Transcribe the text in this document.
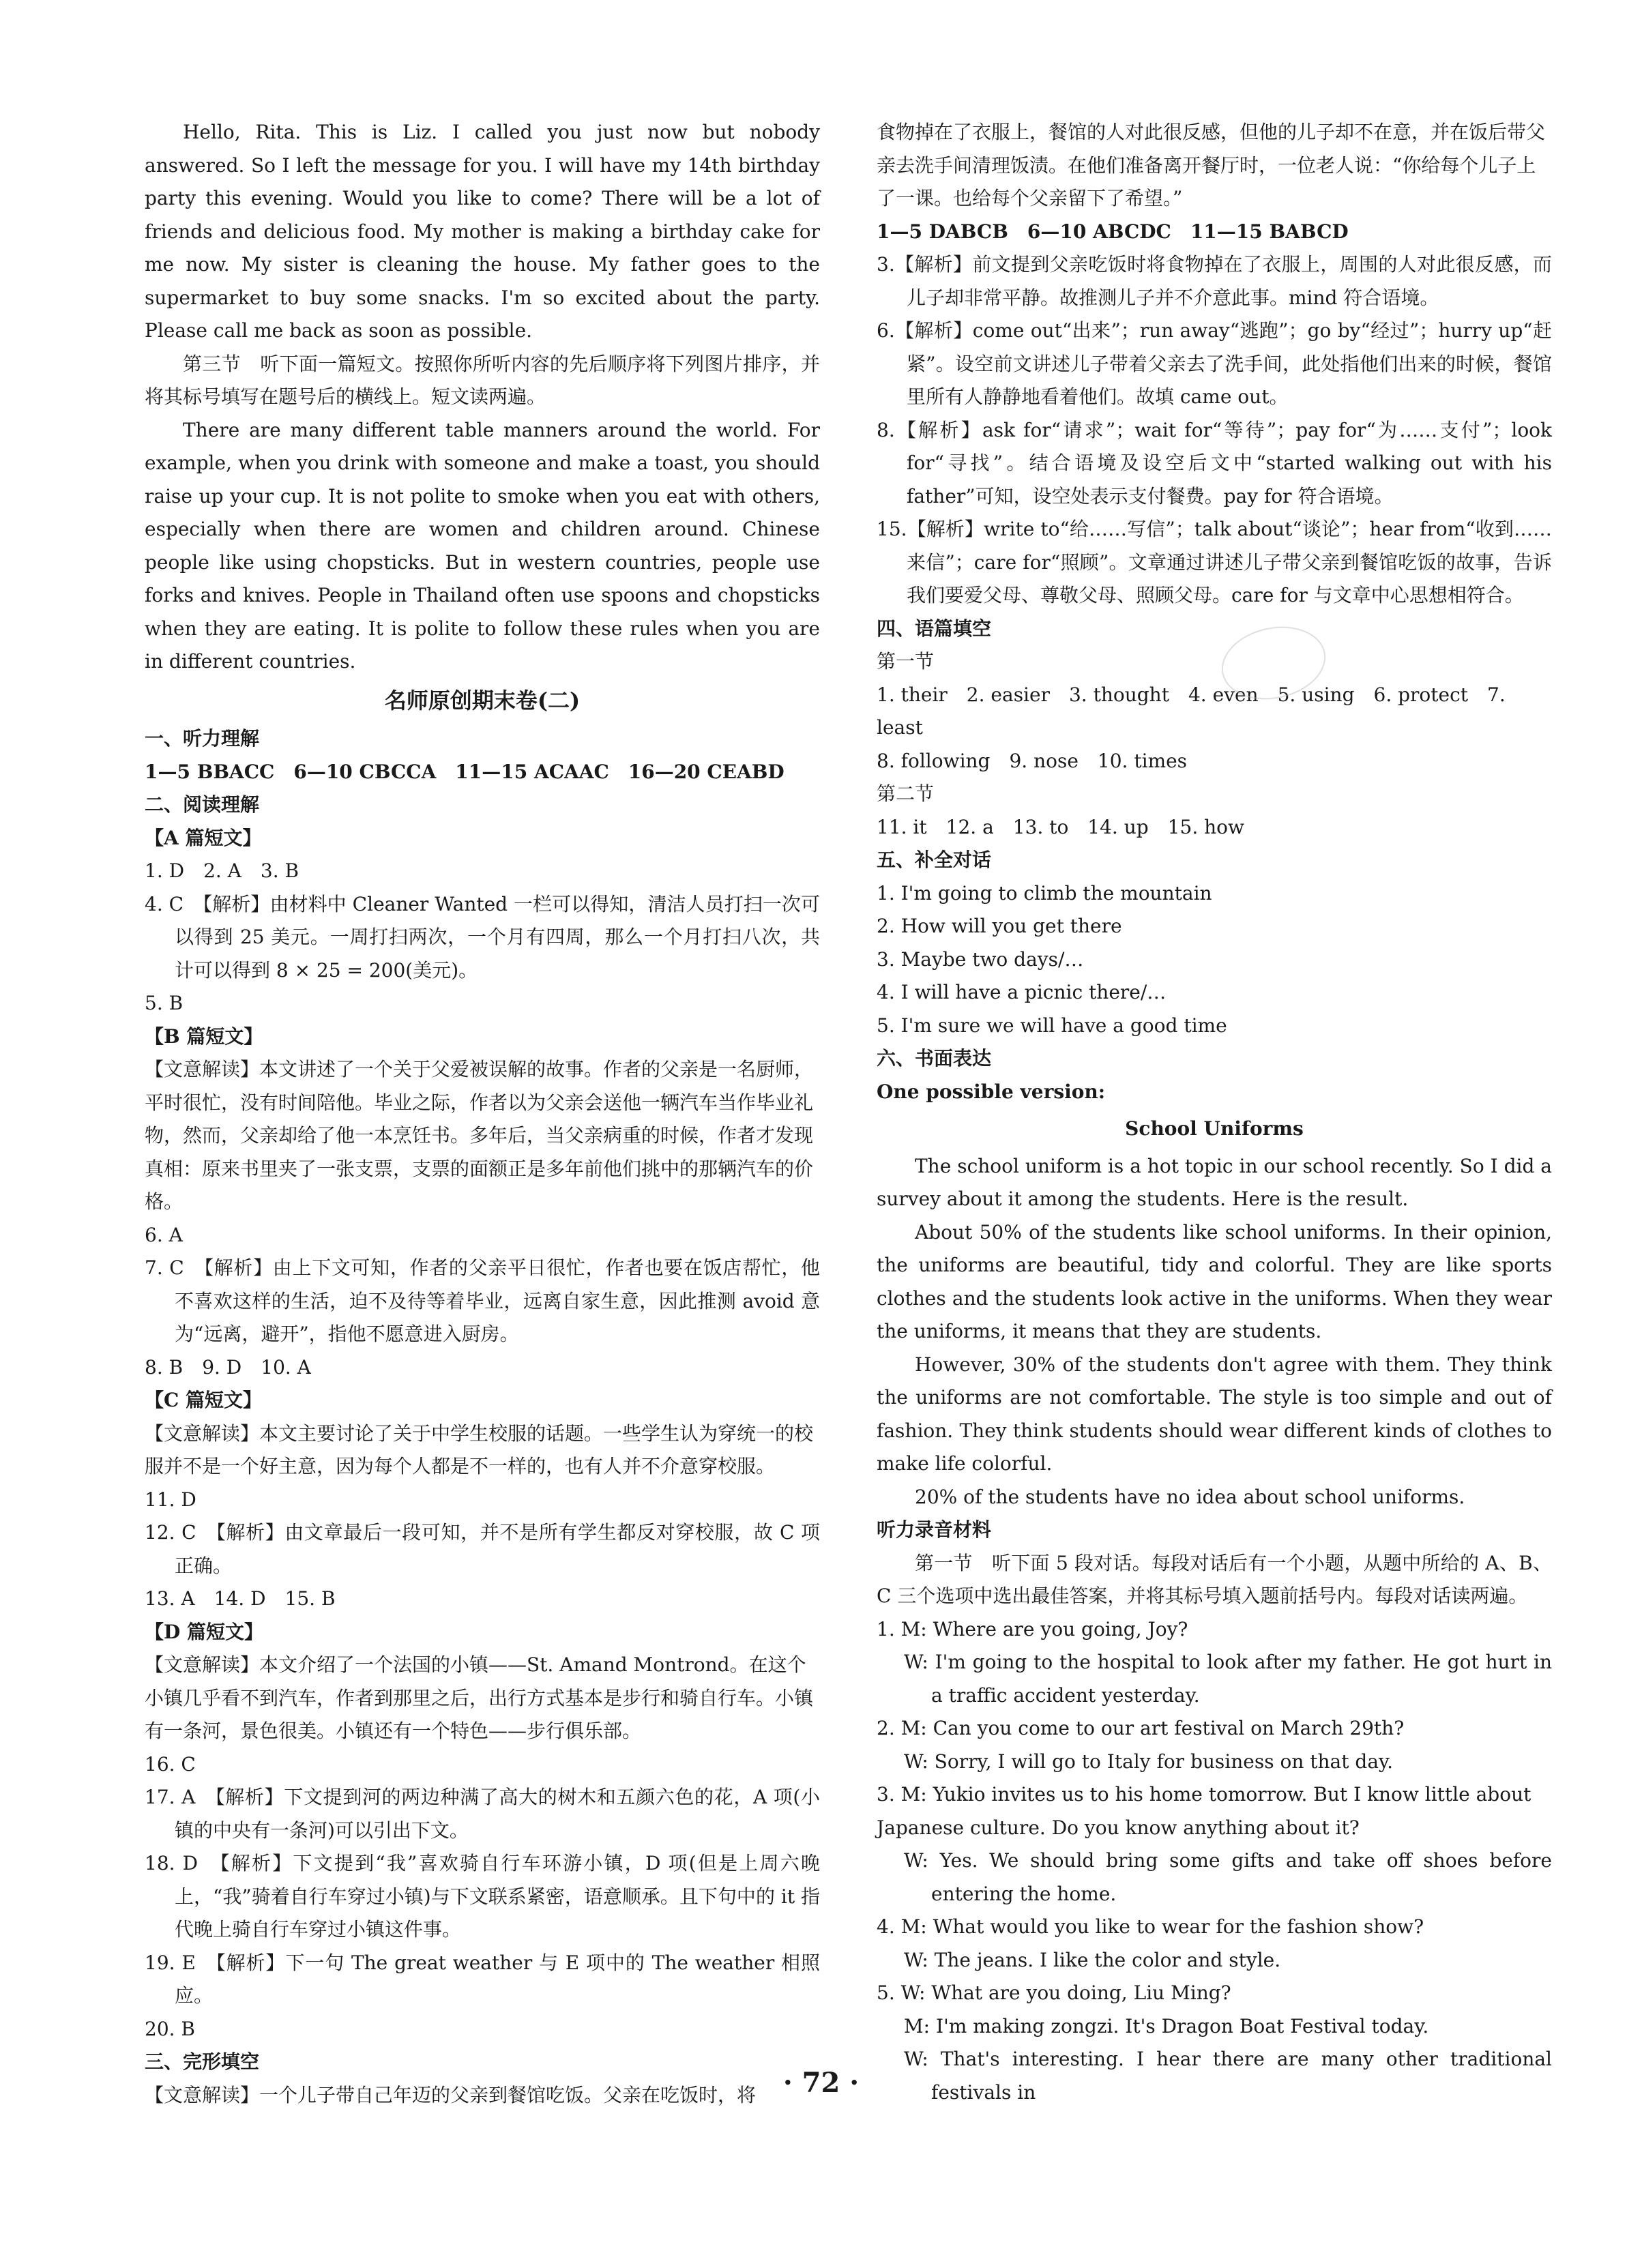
Hello, Rita. This is Liz. I called you just now but nobody answered. So I left the message for you. I will have my 14th birthday party this evening. Would you like to come? There will be a lot of friends and delicious food. My mother is making a birthday cake for me now. My sister is cleaning the house. My father goes to the supermarket to buy some snacks. I'm so excited about the party. Please call me back as soon as possible.

第三节　听下面一篇短文。按照你所听内容的先后顺序将下列图片排序，并将其标号填写在题号后的横线上。短文读两遍。

There are many different table manners around the world. For example, when you drink with someone and make a toast, you should raise up your cup. It is not polite to smoke when you eat with others, especially when there are women and children around. Chinese people like using chopsticks. But in western countries, people use forks and knives. People in Thailand often use spoons and chopsticks when they are eating. It is polite to follow these rules when you are in different countries.

名师原创期末卷(二)

一、听力理解

1—5 BBACC　6—10 CBCCA　11—15 ACAAC　16—20 CEABD

二、阅读理解

【A 篇短文】

1. D　2. A　3. B

4. C　【解析】由材料中 Cleaner Wanted 一栏可以得知，清洁人员打扫一次可以得到 25 美元。一周打扫两次，一个月有四周，那么一个月打扫八次，共计可以得到 8 × 25 = 200(美元)。

5. B

【B 篇短文】

【文意解读】本文讲述了一个关于父爱被误解的故事。作者的父亲是一名厨师，平时很忙，没有时间陪他。毕业之际，作者以为父亲会送他一辆汽车当作毕业礼物，然而，父亲却给了他一本烹饪书。多年后，当父亲病重的时候，作者才发现真相：原来书里夹了一张支票，支票的面额正是多年前他们挑中的那辆汽车的价格。

6. A

7. C　【解析】由上下文可知，作者的父亲平日很忙，作者也要在饭店帮忙，他不喜欢这样的生活，迫不及待等着毕业，远离自家生意，因此推测 avoid 意为“远离，避开”，指他不愿意进入厨房。

8. B　9. D　10. A

【C 篇短文】

【文意解读】本文主要讨论了关于中学生校服的话题。一些学生认为穿统一的校服并不是一个好主意，因为每个人都是不一样的，也有人并不介意穿校服。

11. D

12. C　【解析】由文章最后一段可知，并不是所有学生都反对穿校服，故 C 项正确。

13. A　14. D　15. B

【D 篇短文】

【文意解读】本文介绍了一个法国的小镇——St. Amand Montrond。在这个小镇几乎看不到汽车，作者到那里之后，出行方式基本是步行和骑自行车。小镇有一条河，景色很美。小镇还有一个特色——步行俱乐部。

16. C

17. A　【解析】下文提到河的两边种满了高大的树木和五颜六色的花，A 项(小镇的中央有一条河)可以引出下文。

18. D　【解析】下文提到“我”喜欢骑自行车环游小镇，D 项(但是上周六晚上，“我”骑着自行车穿过小镇)与下文联系紧密，语意顺承。且下句中的 it 指代晚上骑自行车穿过小镇这件事。

19. E　【解析】下一句 The great weather 与 E 项中的 The weather 相照应。

20. B

三、完形填空

【文意解读】一个儿子带自己年迈的父亲到餐馆吃饭。父亲在吃饭时，将

食物掉在了衣服上，餐馆的人对此很反感，但他的儿子却不在意，并在饭后带父亲去洗手间清理饭渍。在他们准备离开餐厅时，一位老人说：“你给每个儿子上了一课。也给每个父亲留下了希望。”

1—5 DABCB　6—10 ABCDC　11—15 BABCD

3.【解析】前文提到父亲吃饭时将食物掉在了衣服上，周围的人对此很反感，而儿子却非常平静。故推测儿子并不介意此事。mind 符合语境。

6.【解析】come out“出来”；run away“逃跑”；go by“经过”；hurry up“赶紧”。设空前文讲述儿子带着父亲去了洗手间，此处指他们出来的时候，餐馆里所有人静静地看着他们。故填 came out。

8.【解析】ask for“请求”；wait for“等待”；pay for“为……支付”；look for“寻找”。结合语境及设空后文中“started walking out with his father”可知，设空处表示支付餐费。pay for 符合语境。

15.【解析】write to“给……写信”；talk about“谈论”；hear from“收到……来信”；care for“照顾”。文章通过讲述儿子带父亲到餐馆吃饭的故事，告诉我们要爱父母、尊敬父母、照顾父母。care for 与文章中心思想相符合。

四、语篇填空

第一节

1. their　2. easier　3. thought　4. even　5. using　6. protect　7. least

8. following　9. nose　10. times

第二节

11. it　12. a　13. to　14. up　15. how

五、补全对话

1. I'm going to climb the mountain

2. How will you get there

3. Maybe two days/…

4. I will have a picnic there/…

5. I'm sure we will have a good time

六、书面表达

One possible version:

School Uniforms

The school uniform is a hot topic in our school recently. So I did a survey about it among the students. Here is the result.

About 50% of the students like school uniforms. In their opinion, the uniforms are beautiful, tidy and colorful. They are like sports clothes and the students look active in the uniforms. When they wear the uniforms, it means that they are students.

However, 30% of the students don't agree with them. They think the uniforms are not comfortable. The style is too simple and out of fashion. They think students should wear different kinds of clothes to make life colorful.

20% of the students have no idea about school uniforms.

听力录音材料

第一节　听下面 5 段对话。每段对话后有一个小题，从题中所给的 A、B、C 三个选项中选出最佳答案，并将其标号填入题前括号内。每段对话读两遍。

1. M: Where are you going, Joy?

W: I'm going to the hospital to look after my father. He got hurt in a traffic accident yesterday.

2. M: Can you come to our art festival on March 29th?

W: Sorry, I will go to Italy for business on that day.

3. M: Yukio invites us to his home tomorrow. But I know little about Japanese culture. Do you know anything about it?

W: Yes. We should bring some gifts and take off shoes before entering the home.

4. M: What would you like to wear for the fashion show?

W: The jeans. I like the color and style.

5. W: What are you doing, Liu Ming?

M: I'm making zongzi. It's Dragon Boat Festival today.

W: That's interesting. I hear there are many other traditional festivals in

· 72 ·
